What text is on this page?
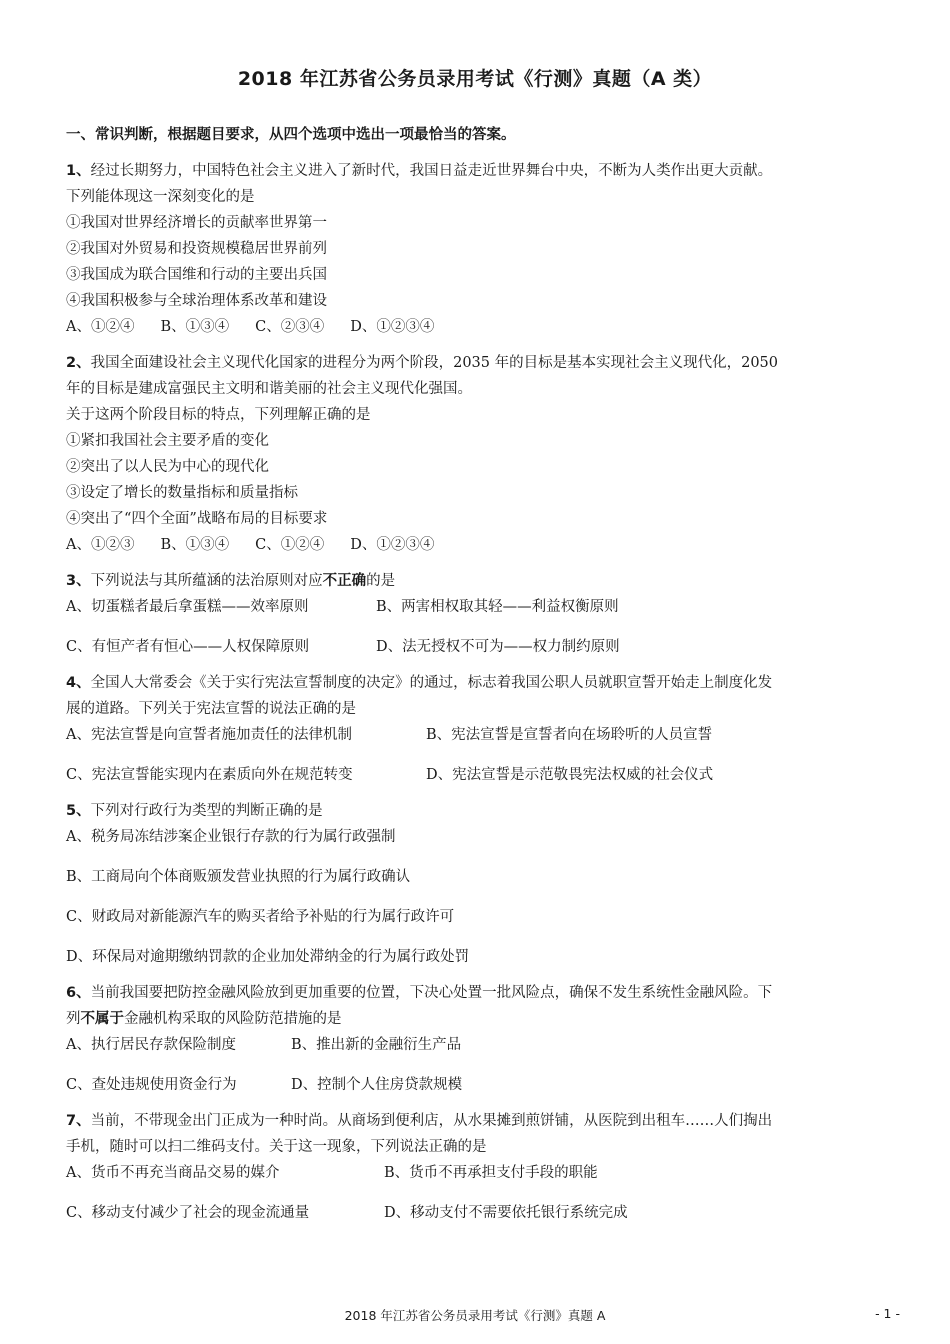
2018 年江苏省公务员录用考试《行测》真题（A 类）
一、常识判断，根据题目要求，从四个选项中选出一项最恰当的答案。
1、经过长期努力，中国特色社会主义进入了新时代，我国日益走近世界舞台中央，不断为人类作出更大贡献。
下列能体现这一深刻变化的是
①我国对世界经济增长的贡献率世界第一
②我国对外贸易和投资规模稳居世界前列
③我国成为联合国维和行动的主要出兵国
④我国积极参与全球治理体系改革和建设
A、①②④ B、①③④ C、②③④ D、①②③④
2、我国全面建设社会主义现代化国家的进程分为两个阶段，2035 年的目标是基本实现社会主义现代化，2050
年的目标是建成富强民主文明和谐美丽的社会主义现代化强国。
关于这两个阶段目标的特点，下列理解正确的是
①紧扣我国社会主要矛盾的变化
②突出了以人民为中心的现代化
③设定了增长的数量指标和质量指标
④突出了“四个全面”战略布局的目标要求
A、①②③ B、①③④ C、①②④ D、①②③④
3、下列说法与其所蕴涵的法治原则对应不正确的是
A、切蛋糕者最后拿蛋糕——效率原则	B、两害相权取其轻——利益权衡原则
C、有恒产者有恒心——人权保障原则	D、法无授权不可为——权力制约原则
4、全国人大常委会《关于实行宪法宣誓制度的决定》的通过，标志着我国公职人员就职宣誓开始走上制度化发
展的道路。下列关于宪法宣誓的说法正确的是
A、宪法宣誓是向宣誓者施加责任的法律机制	B、宪法宣誓是宣誓者向在场聆听的人员宣誓
C、宪法宣誓能实现内在素质向外在规范转变	D、宪法宣誓是示范敬畏宪法权威的社会仪式
5、下列对行政行为类型的判断正确的是
A、税务局冻结涉案企业银行存款的行为属行政强制
B、工商局向个体商贩颁发营业执照的行为属行政确认
C、财政局对新能源汽车的购买者给予补贴的行为属行政许可
D、环保局对逾期缴纳罚款的企业加处滞纳金的行为属行政处罚
6、当前我国要把防控金融风险放到更加重要的位置，下决心处置一批风险点，确保不发生系统性金融风险。下
列不属于金融机构采取的风险防范措施的是
A、执行居民存款保险制度	B、推出新的金融衍生产品
C、查处违规使用资金行为	D、控制个人住房贷款规模
7、当前，不带现金出门正成为一种时尚。从商场到便利店，从水果摊到煎饼铺，从医院到出租车……人们掏出
手机，随时可以扫二维码支付。关于这一现象，下列说法正确的是
A、货币不再充当商品交易的媒介	B、货币不再承担支付手段的职能
C、移动支付减少了社会的现金流通量	D、移动支付不需要依托银行系统完成
2018 年江苏省公务员录用考试《行测》真题 A	- 1 -
